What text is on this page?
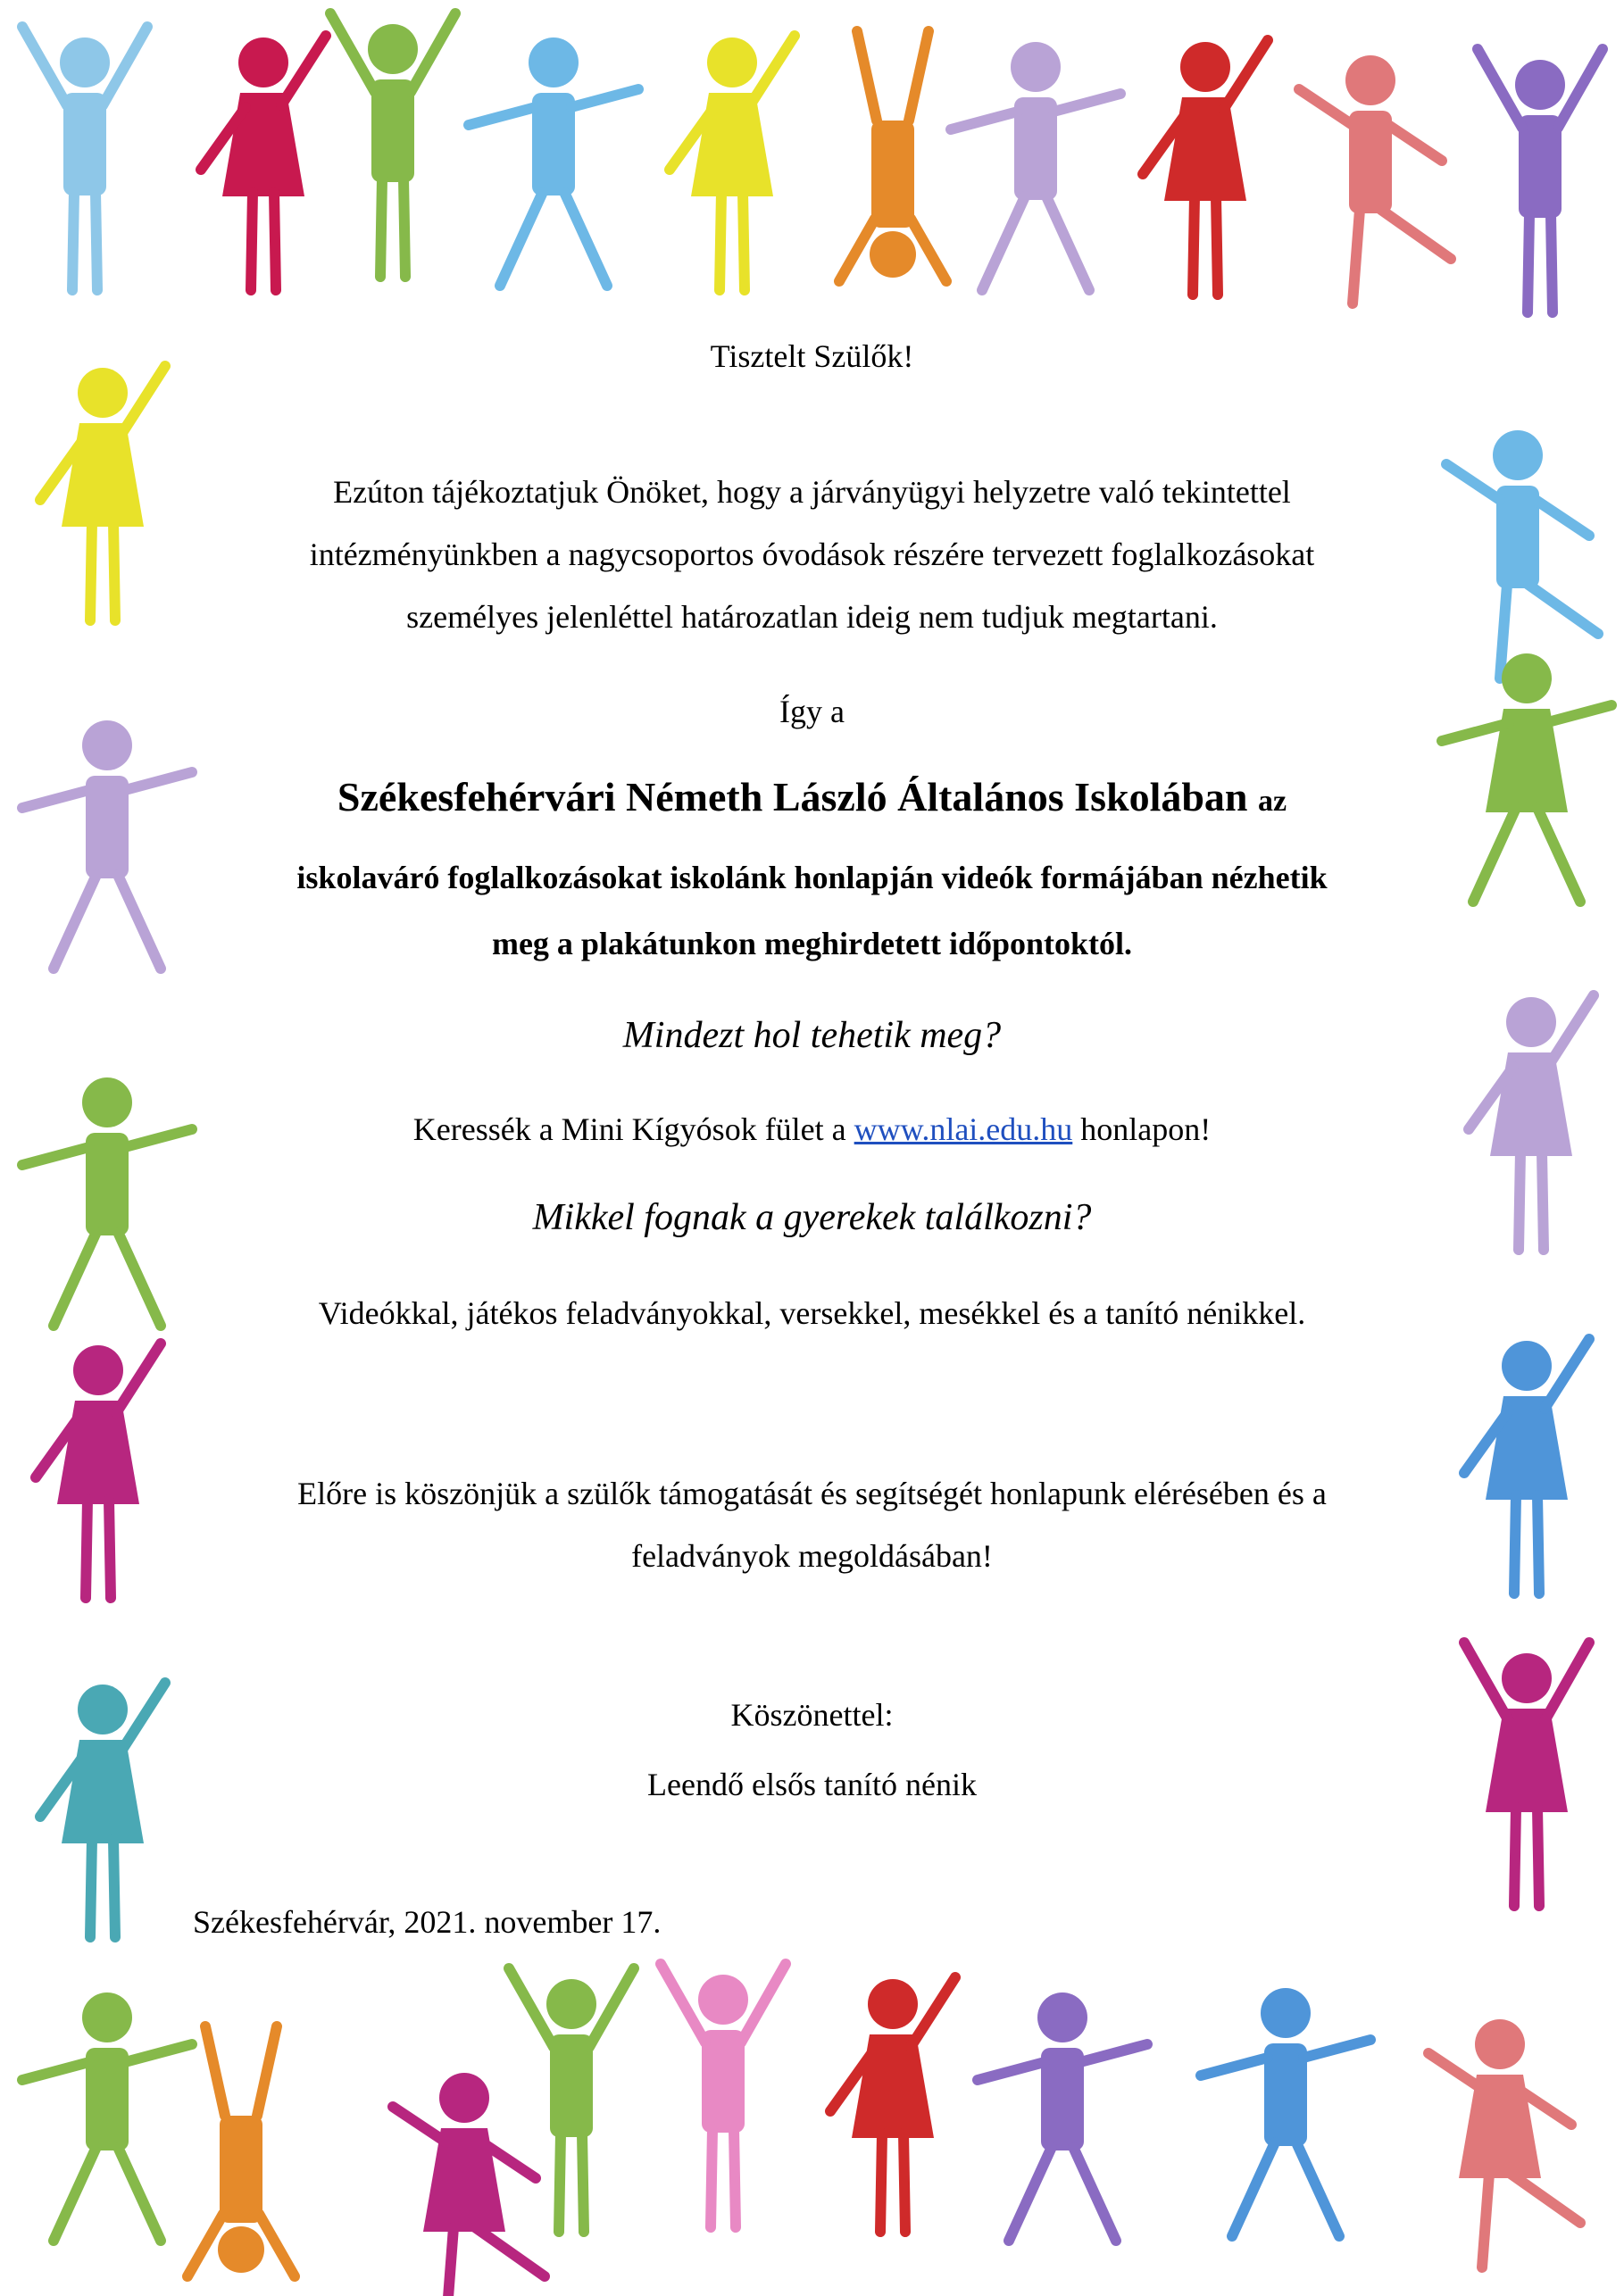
Tisztelt Szülők!
Ezúton tájékoztatjuk Önöket, hogy a járványügyi helyzetre való tekintettel
intézményünkben a nagycsoportos óvodások részére tervezett foglalkozásokat
személyes jelenléttel határozatlan ideig nem tudjuk megtartani.
Így a
Székesfehérvári Németh László Általános Iskolában az
iskolaváró foglalkozásokat iskolánk honlapján videók formájában nézhetik
meg a plakátunkon meghirdetett időpontoktól.
Mindezt hol tehetik meg?
Keressék a Mini Kígyósok fület a www.nlai.edu.hu honlapon!
Mikkel fognak a gyerekek találkozni?
Videókkal, játékos feladványokkal, versekkel, mesékkel és a tanító nénikkel.
Előre is köszönjük a szülők támogatását és segítségét honlapunk elérésében és a
feladványok megoldásában!
Köszönettel:
Leendő elsős tanító nénik
Székesfehérvár, 2021. november 17.
